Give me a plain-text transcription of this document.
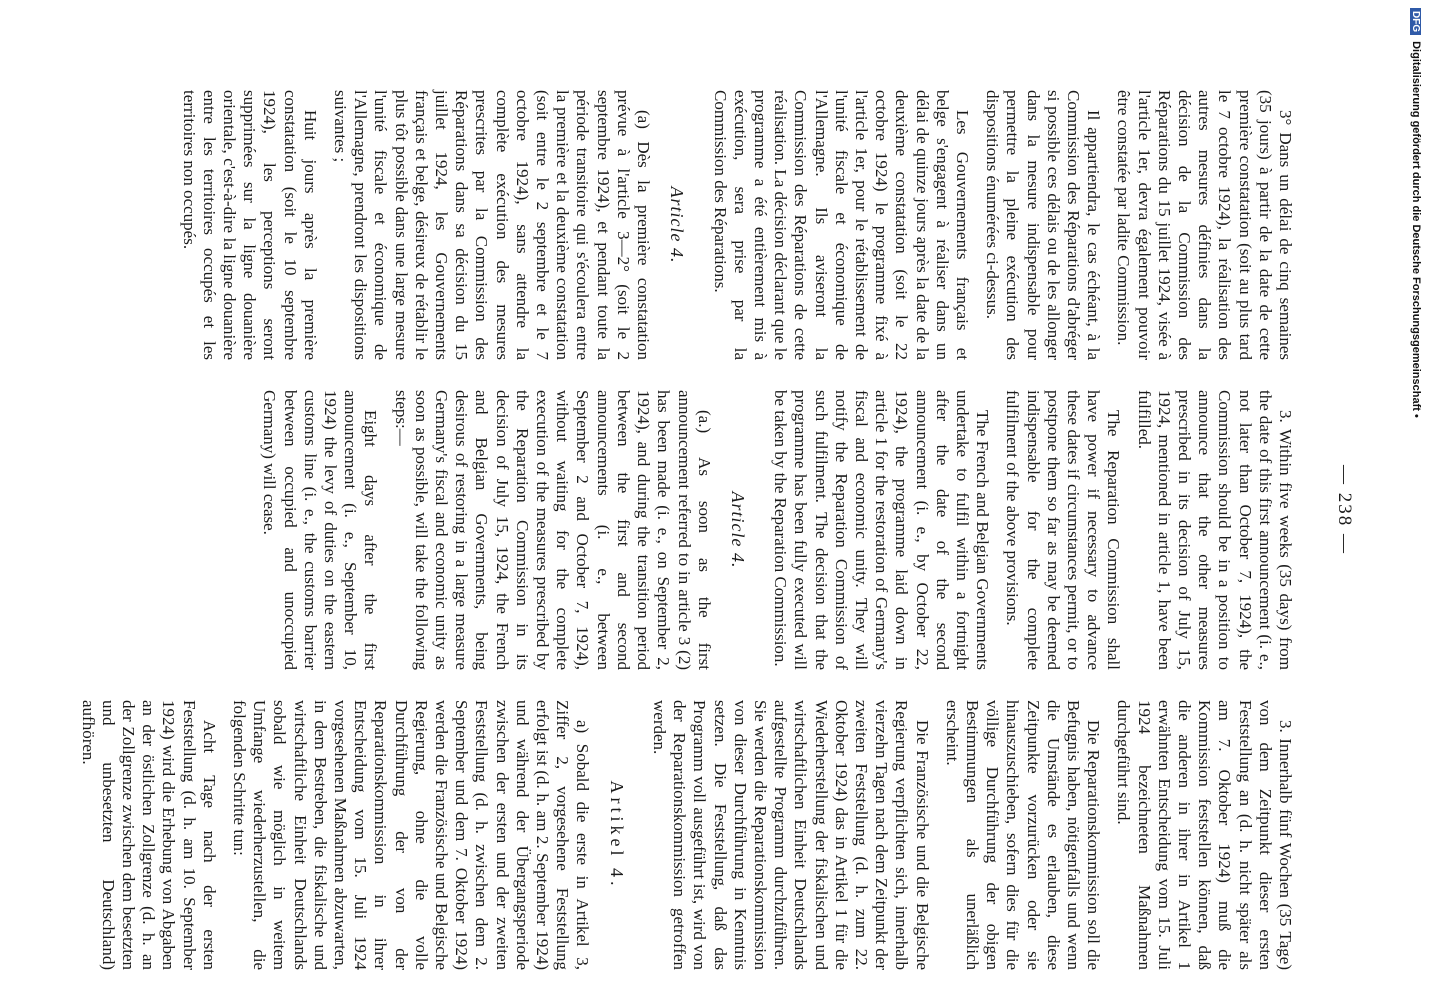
— 238 —

3° Dans un délai de cinq semaines (35 jours) à partir de la date de cette première constatation (soit au plus tard le 7 octobre 1924), la réalisation des autres mesures définies dans la décision de la Commission des Réparations du 15 juillet 1924, visée à l'article 1er, devra également pouvoir être constatée par ladite Commission.

Il appartiendra, le cas échéant, à la Commission des Réparations d'abréger si possible ces délais ou de les allonger dans la mesure indispensable pour permettre la pleine exécution des dispositions énumérées ci-dessus.

Les Gouvernements français et belge s'engagent à réaliser dans un délai de quinze jours après la date de la deuxième constatation (soit le 22 octobre 1924) le programme fixé à l'article 1er, pour le rétablissement de l'unité fiscale et économique de l'Allemagne. Ils aviseront la Commission des Réparations de cette réalisation. La décision déclarant que le programme a été entièrement mis à exécution, sera prise par la Commission des Réparations.

Article 4.

(a) Dès la première constatation prévue à l'article 3—2° (soit le 2 septembre 1924), et pendant toute la période transitoire qui s'écoulera entre la première et la deuxième constatation (soit entre le 2 septembre et le 7 octobre 1924), sans attendre la complète exécution des mesures prescrites par la Commission des Réparations dans sa décision du 15 juillet 1924, les Gouvernements français et belge, désireux de rétablir le plus tôt possible dans une large mesure l'unité fiscale et économique de l'Allemagne, prendront les dispositions suivantes ;

Huit jours après la première constatation (soit le 10 septembre 1924), les perceptions seront supprimées sur la ligne douanière orientale, c'est-à-dire la ligne douanière entre les territoires occupés et les territoires non occupés.

3. Within five weeks (35 days) from the date of this first announcement (i. e., not later than October 7, 1924), the Commission should be in a position to announce that the other measures prescribed in its decision of July 15, 1924, mentioned in article 1, have been fulfilled.

The Reparation Commission shall have power if necessary to advance these dates if circumstances permit, or to postpone them so far as may be deemed indispensable for the complete fulfilment of the above provisions.

The French and Belgian Governments undertake to fulfil within a fortnight after the date of the second announcement (i. e., by October 22, 1924), the programme laid down in article 1 for the restoration of Germany's fiscal and economic unity. They will notify the Reparation Commission of such fulfilment. The decision that the programme has been fully executed will be taken by the Reparation Commission.

Article 4.

(a.) As soon as the first announcement referred to in article 3 (2) has been made (i. e., on September 2, 1924), and during the transition period between the first and second announcements (i. e., between September 2 and October 7, 1924), without waiting for the complete execution of the measures prescribed by the Reparation Commission in its decision of July 15, 1924, the French and Belgian Governments, being desirous of restoring in a large measure Germany's fiscal and economic unity as soon as possible, will take the following steps:—

Eight days after the first announcement (i. e., September 10, 1924) the levy of duties on the eastern customs line (i. e., the customs barrier between occupied and unoccupied Germany) will cease.

3. Innerhalb fünf Wochen (35 Tage) von dem Zeitpunkt dieser ersten Feststellung an (d. h. nicht später als am 7. Oktober 1924) muß die Kommission feststellen können, daß die anderen in ihrer in Artikel 1 erwähnten Entscheidung vom 15. Juli 1924 bezeichneten Maßnahmen durchgeführt sind.

Die Reparationskommission soll die Befugnis haben, nötigenfalls und wenn die Umstände es erlauben, diese Zeitpunkte vorzurücken oder sie hinauszuschieben, sofern dies für die völlige Durchführung der obigen Bestimmungen als unerläßlich erscheint.

Die Französische und die Belgische Regierung verpflichten sich, innerhalb vierzehn Tagen nach dem Zeitpunkt der zweiten Feststellung (d. h. zum 22. Oktober 1924) das in Artikel 1 für die Wiederherstellung der fiskalischen und wirtschaftlichen Einheit Deutschlands aufgestellte Programm durchzuführen. Sie werden die Reparationskommission von dieser Durchführung in Kenntnis setzen. Die Feststellung, daß das Programm voll ausgeführt ist, wird von der Reparationskommission getroffen werden.

Artikel 4.

a) Sobald die erste in Artikel 3, Ziffer 2, vorgesehene Feststellung erfolgt ist (d. h. am 2. September 1924) und während der Übergangsperiode zwischen der ersten und der zweiten Feststellung (d. h. zwischen dem 2. September und dem 7. Oktober 1924) werden die Französische und Belgische Regierung, ohne die volle Durchführung der von der Reparationskommission in ihrer Entscheidung vom 15. Juli 1924 vorgesehenen Maßnahmen abzuwarten, in dem Bestreben, die fiskalische und wirtschaftliche Einheit Deutschlands sobald wie möglich in weitem Umfange wiederherzustellen, die folgenden Schritte tun:

Acht Tage nach der ersten Feststellung (d. h. am 10. September 1924) wird die Erhebung von Abgaben an der östlichen Zollgrenze (d. h. an der Zollgrenze zwischen dem besetzten und unbesetzten Deutschland) aufhören.

DFGDigitalisierung gefördert durch die Deutsche Forschungsgemeinschaft •
